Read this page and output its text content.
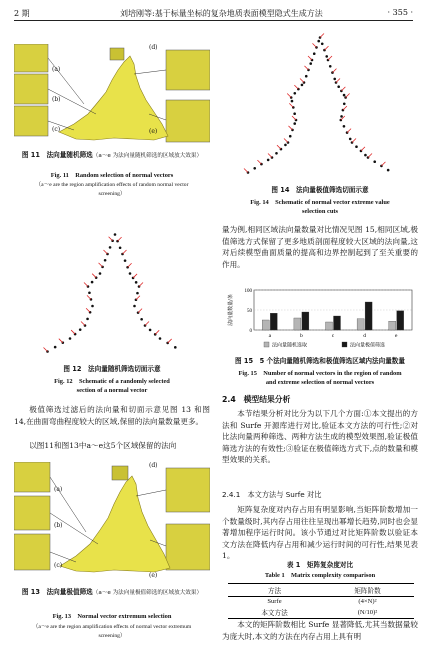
2 期	刘培刚等:基于标量坐标的复杂地质表面模型隐式生成方法	· 355 ·
(a)
(b)
(c)
(d)
(e)
图 11　法向量随机筛选（a～e 为法向量随机筛选的区域放大效果）
Fig. 11　Random selection of normal vectors
（a～e are the region amplification effects of random normal vector screening）
图 12　法向量随机筛选切面示意
Fig. 12　Schematic of a randomly selected
section of a normal vector
极值筛选过滤后的法向量和切面示意见图 13 和图 14,在曲面弯曲程度较大的区域,保留的法向量数量更多。
以图11和图13中a～e这5个区域保留的法向
(a)
(b)
(c)
(d)
(e)
图 13　法向量极值筛选（a～e 为法向量极值筛选的区域放大效果）
Fig. 13　Normal vector extremum selection
（a～e are the region amplification effects of normal vector extremum screening）
图 14　法向量极值筛选切面示意
Fig. 14　Schematic of normal vector extreme value
selection cuts
量为例,相同区域法向量数量对比情况见图 15,相同区域,极值筛选方式保留了更多地质剖面程度较大区域的法向量,这对后续模型曲面质量的提高和边界控制起到了至关重要的作用。
法向量数量/条
0
50
100
a	b	c	d	e
法向量随机选取	法向量极值筛选
图 15　5 个法向量随机筛选和极值筛选区域内法向量数量
Fig. 15　Number of normal vectors in the region of random
and extreme selection of normal vectors
2.4　模型结果分析
本节结果分析对比分为以下几个方面:①本文提出的方法和 Surfe 开源库进行对比,验证本文方法的可行性;②对比法向量两种筛选、两种方法生成的模型效果图,验证极值筛选方法的有效性;③验证在极值筛选方式下,点的数量和模型效果的关系。
2.4.1　本文方法与 Surfe 对比
矩阵复杂度对内存占用有明显影响,当矩阵阶数增加一个数量级时,其内存占用往往呈现出幂增长趋势,同时也会显著增加程序运行时间。该小节通过对比矩阵阶数以验证本文方法在降低内存占用和减少运行时间的可行性,结果见表 1。
表 1　矩阵复杂度对比
Table 1　Matrix complexity comparison
方法	矩阵阶数
Surfe	(4×N)²
本文方法	(N/10)²
本文的矩阵阶数相比 Surfe 显著降低,尤其当数据量较为庞大时,本文的方法在内存占用上具有明
